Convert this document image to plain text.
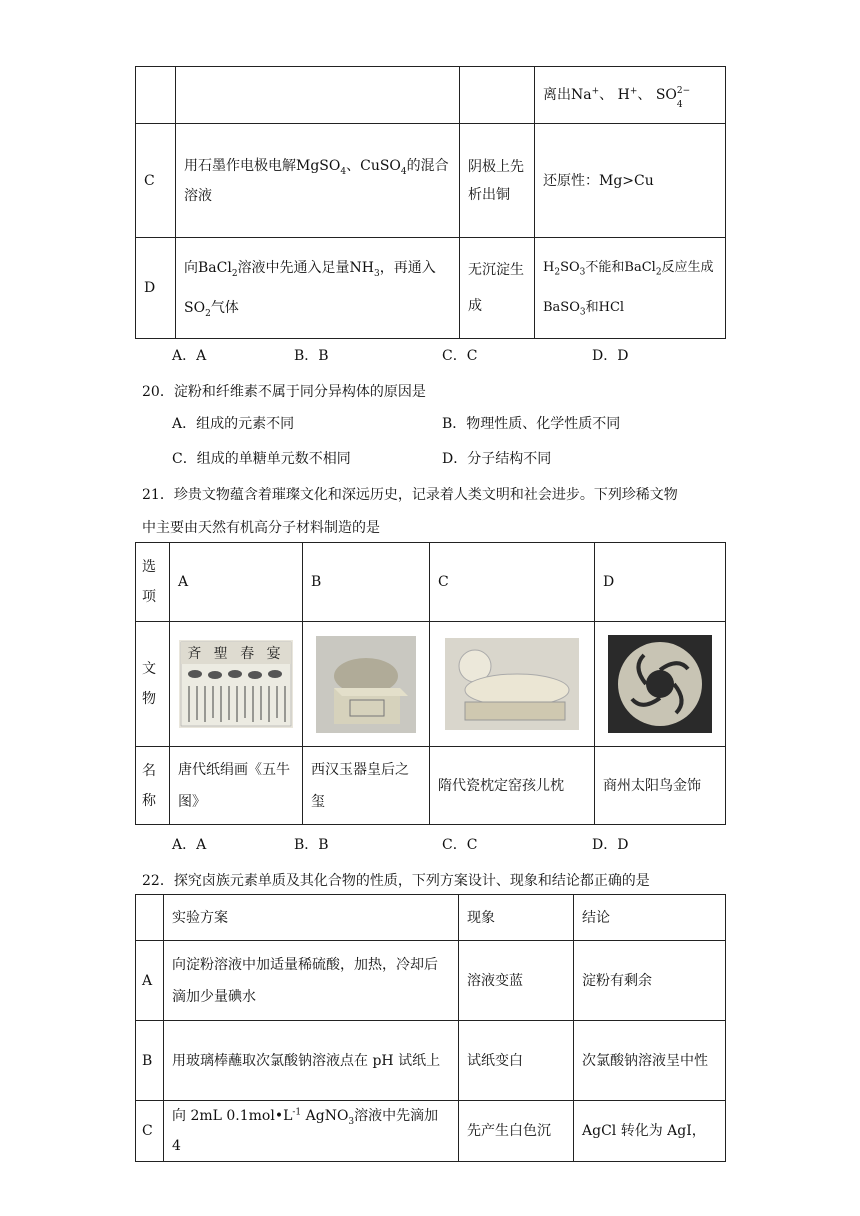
			离出Na+、 H+、 SO 2−
4

C	用石墨作电极电解MgSO$_4$、CuSO$_4$的混合溶液	阴极上先析出铜	还原性：Mg>Cu
D	向BaCl$_2$溶液中先通入足量$NH_3$，再通入$SO_2$气体	无沉淀生成	$H_2SO_3$不能和BaCl$_2$反应生成BaSO$_3$和HCl
A．A	B．B	C．C	D．D
20．淀粉和纤维素不属于同分异构体的原因是
A．组成的元素不同	B．物理性质、化学性质不同
C．组成的单糖单元数不相同	D．分子结构不同
21．珍贵文物蕴含着璀璨文化和深远历史，记录着人类文明和社会进步。下列珍稀文物
中主要由天然有机高分子材料制造的是
选项	A	B	C	D
文物	斉 聖 春 宴

名称	唐代纸绢画《五牛图》	西汉玉器皇后之玺	隋代瓷枕定窑孩儿枕	商州太阳鸟金饰
A．A	B．B	C．C	D．D
22．探究卤族元素单质及其化合物的性质，下列方案设计、现象和结论都正确的是
	实验方案	现象	结论
A	向淀粉溶液中加适量稀硫酸，加热，冷却后滴加少量碘水	溶液变蓝	淀粉有剩余
B	用玻璃棒蘸取次氯酸钠溶液点在 pH 试纸上	试纸变白	次氯酸钠溶液呈中性
C	向 2mL $0.1mol•L^{-1}$ AgNO$_3$溶液中先滴加 4	先产生白色沉	AgCl 转化为 AgI，
